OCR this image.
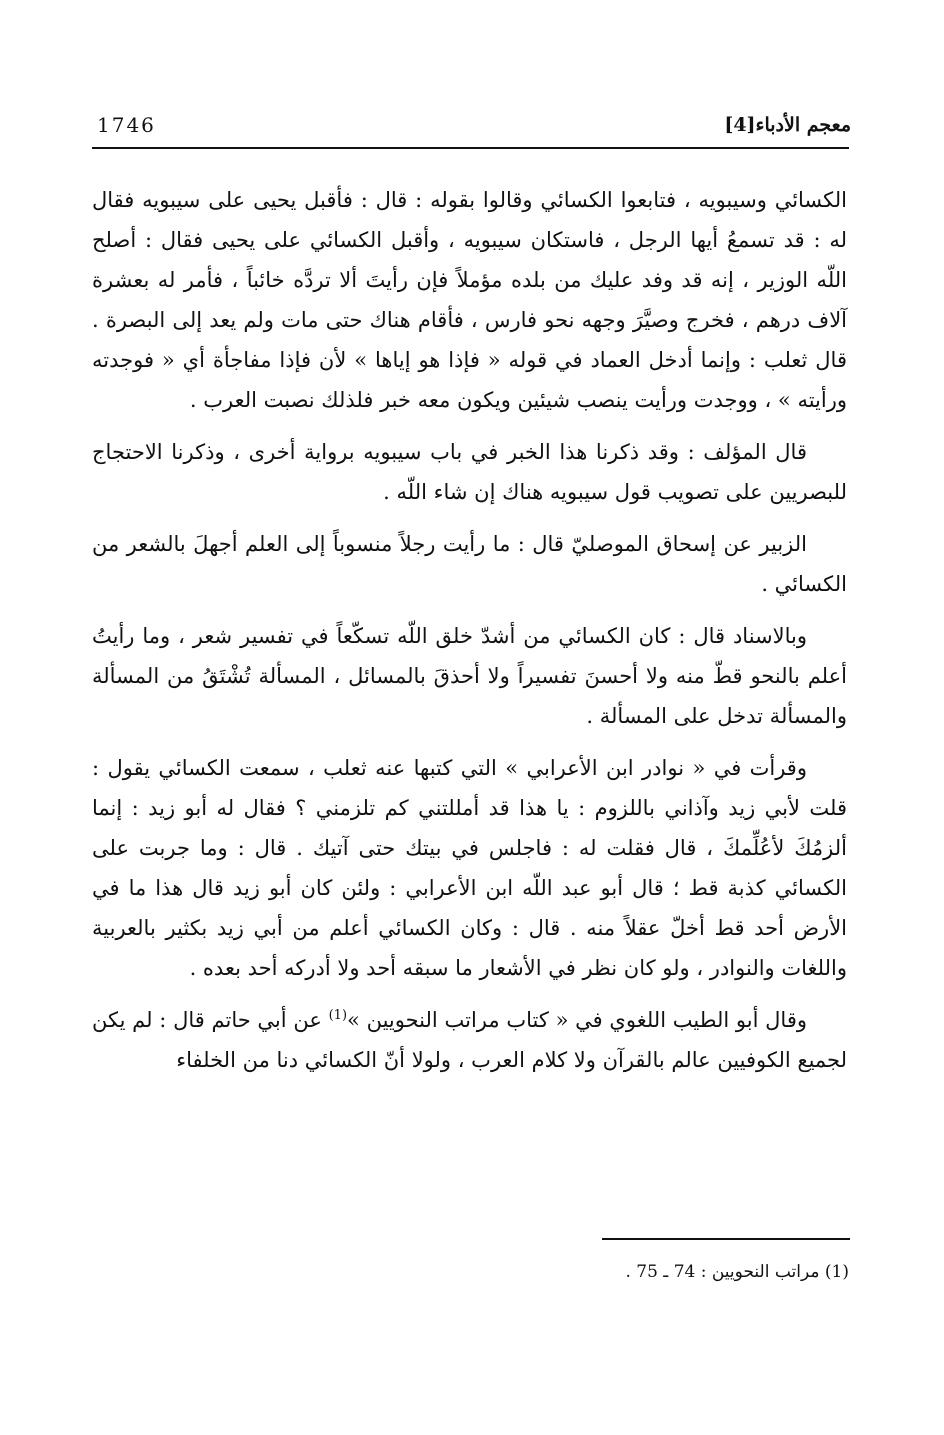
معجم الأدباء[4]
1746

الكسائي وسيبويه ، فتابعوا الكسائي وقالوا بقوله : قال : فأقبل يحيى على سيبويه فقال له : قد تسمعُ أيها الرجل ، فاستكان سيبويه ، وأقبل الكسائي على يحيى فقال : أصلح اللّه الوزير ، إنه قد وفد عليك من بلده مؤملاً فإن رأيتَ ألا تردَّه خائباً ، فأمر له بعشرة آلاف درهم ، فخرج وصيَّرَ وجهه نحو فارس ، فأقام هناك حتى مات ولم يعد إلى البصرة . قال ثعلب : وإنما أدخل العماد في قوله « فإذا هو إياها » لأن فإذا مفاجأة أي « فوجدته ورأيته » ، ووجدت ورأيت ينصب شيئين ويكون معه خبر فلذلك نصبت العرب .

قال المؤلف : وقد ذكرنا هذا الخبر في باب سيبويه برواية أخرى ، وذكرنا الاحتجاج للبصريين على تصويب قول سيبويه هناك إن شاء اللّه .

الزبير عن إسحاق الموصليّ قال : ما رأيت رجلاً منسوباً إلى العلم أجهلَ بالشعر من الكسائي .

وبالاسناد قال : كان الكسائي من أشدّ خلق اللّه تسكّعاً في تفسير شعر ، وما رأيتُ أعلم بالنحو قطّ منه ولا أحسنَ تفسيراً ولا أحذقَ بالمسائل ، المسألة تُشْتَقُ من المسألة والمسألة تدخل على المسألة .

وقرأت في « نوادر ابن الأعرابي » التي كتبها عنه ثعلب ، سمعت الكسائي يقول : قلت لأبي زيد وآذاني باللزوم : يا هذا قد أمللتني كم تلزمني ؟ فقال له أبو زيد : إنما ألزمُكَ لأعُلِّمكَ ، قال فقلت له : فاجلس في بيتك حتى آتيك . قال : وما جربت على الكسائي كذبة قط ؛ قال أبو عبد اللّه ابن الأعرابي : ولئن كان أبو زيد قال هذا ما في الأرض أحد قط أخلّ عقلاً منه . قال : وكان الكسائي أعلم من أبي زيد بكثير بالعربية واللغات والنوادر ، ولو كان نظر في الأشعار ما سبقه أحد ولا أدركه أحد بعده .

وقال أبو الطيب اللغوي في « كتاب مراتب النحويين »$^{(1)}$ عن أبي حاتم قال : لم يكن لجميع الكوفيين عالم بالقرآن ولا كلام العرب ، ولولا أنّ الكسائي دنا من الخلفاء

(1) مراتب النحويين : 74 ـ 75 .
